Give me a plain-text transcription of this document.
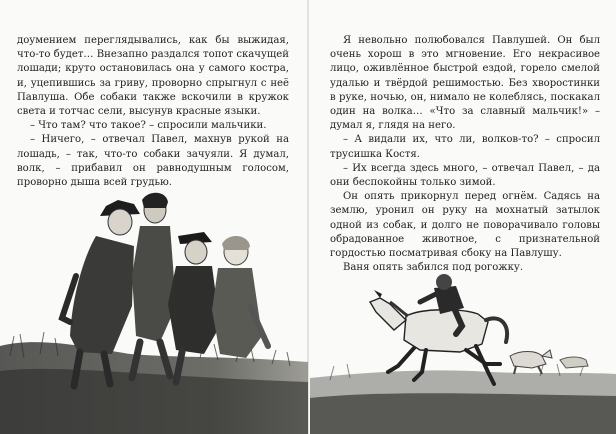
доумением переглядывались, как бы выжидая, что-то будет… Внезапно раздался топот скачущей лошади; круто остановилась она у самого костра, и, уцепившись за гриву, проворно спрыгнул с неё Павлуша. Обе собаки также вскочили в кружок света и тотчас сели, высунув красные языки.

– Что там? что такое? – спросили мальчики.

– Ничего, – отвечал Павел, махнув рукой на лошадь, – так, что-то собаки зачуяли. Я думал, волк, – прибавил он равнодушным голосом, проворно дыша всей грудью.

Я невольно полюбовался Павлушей. Он был очень хорош в это мгновение. Его некрасивое лицо, оживлённое быстрой ездой, горело смелой удалью и твёрдой решимостью. Без хворостинки в руке, ночью, он, нимало не колеблясь, поскакал один на волка… «Что за славный мальчик!» – думал я, глядя на него.

– А видали их, что ли, волков-то? – спросил трусишка Костя.

– Их всегда здесь много, – отвечал Павел, – да они беспокойны только зимой.

Он опять прикорнул перед огнём. Садясь на землю, уронил он руку на мохнатый затылок одной из собак, и долго не поворачивало головы обрадованное животное, с признательной гордостью посматривая сбоку на Павлушу.

Ваня опять забился под рогожку.
